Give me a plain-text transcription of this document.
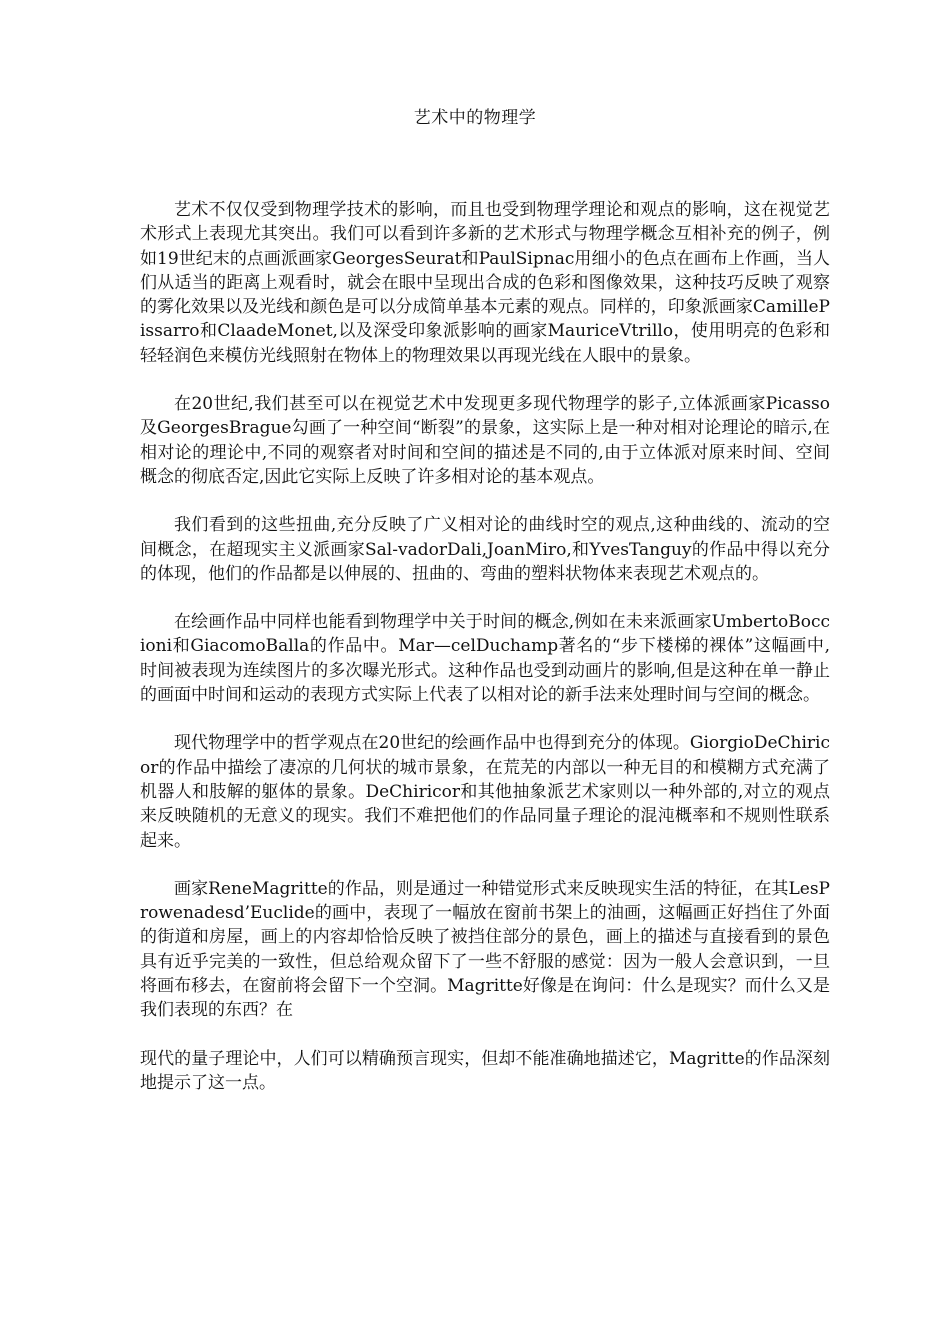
艺术中的物理学

艺术不仅仅受到物理学技术的影响，而且也受到物理学理论和观点的影响，这在视觉艺术形式上表现尤其突出。我们可以看到许多新的艺术形式与物理学概念互相补充的例子，例如19世纪末的点画派画家GeorgesSeurat和PaulSipnac用细小的色点在画布上作画，当人们从适当的距离上观看时，就会在眼中呈现出合成的色彩和图像效果，这种技巧反映了观察的雾化效果以及光线和颜色是可以分成简单基本元素的观点。同样的，印象派画家CamillePissarro和ClaadeMonet,以及深受印象派影响的画家MauriceVtrillo，使用明亮的色彩和轻轻润色来模仿光线照射在物体上的物理效果以再现光线在人眼中的景象。

在20世纪,我们甚至可以在视觉艺术中发现更多现代物理学的影子,立体派画家Picasso及GeorgesBrague勾画了一种空间“断裂”的景象，这实际上是一种对相对论理论的暗示,在相对论的理论中,不同的观察者对时间和空间的描述是不同的,由于立体派对原来时间、空间概念的彻底否定,因此它实际上反映了许多相对论的基本观点。

我们看到的这些扭曲,充分反映了广义相对论的曲线时空的观点,这种曲线的、流动的空间概念，在超现实主义派画家Sal-vadorDali,JoanMiro,和YvesTanguy的作品中得以充分的体现，他们的作品都是以伸展的、扭曲的、弯曲的塑料状物体来表现艺术观点的。

在绘画作品中同样也能看到物理学中关于时间的概念,例如在未来派画家UmbertoBoccioni和GiacomoBalla的作品中。Mar—celDuchamp著名的“步下楼梯的裸体”这幅画中,时间被表现为连续图片的多次曝光形式。这种作品也受到动画片的影响,但是这种在单一静止的画面中时间和运动的表现方式实际上代表了以相对论的新手法来处理时间与空间的概念。

现代物理学中的哲学观点在20世纪的绘画作品中也得到充分的体现。GiorgioDeChiricor的作品中描绘了凄凉的几何状的城市景象，在荒芜的内部以一种无目的和模糊方式充满了机器人和肢解的躯体的景象。DeChiricor和其他抽象派艺术家则以一种外部的,对立的观点来反映随机的无意义的现实。我们不难把他们的作品同量子理论的混沌概率和不规则性联系起来。

画家ReneMagritte的作品，则是通过一种错觉形式来反映现实生活的特征，在其LesProwenadesd’Euclide的画中，表现了一幅放在窗前书架上的油画，这幅画正好挡住了外面的街道和房屋，画上的内容却恰恰反映了被挡住部分的景色，画上的描述与直接看到的景色具有近乎完美的一致性，但总给观众留下了一些不舒服的感觉：因为一般人会意识到，一旦将画布移去，在窗前将会留下一个空洞。Magritte好像是在询问：什么是现实？而什么又是我们表现的东西？在

现代的量子理论中，人们可以精确预言现实，但却不能准确地描述它，Magritte的作品深刻地提示了这一点。
